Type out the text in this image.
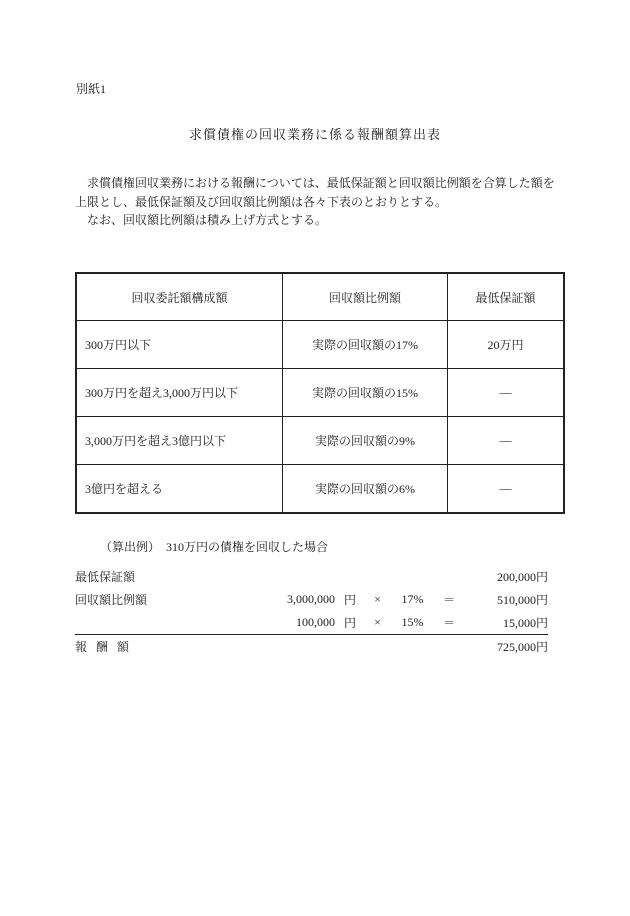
別紙1
求償債権の回収業務に係る報酬額算出表
　求償債権回収業務における報酬については、最低保証額と回収額比例額を合算した額を
上限とし、最低保証額及び回収額比例額は各々下表のとおりとする。
　なお、回収額比例額は積み上げ方式とする。
回収委託額構成額	回収額比例額	最低保証額
300万円以下	実際の回収額の17%	20万円
300万円を超え3,000万円以下	実際の回収額の15%	―
3,000万円を超え3億円以下	実際の回収額の9%	―
3億円を超える	実際の回収額の6%	―
（算出例）　310万円の債権を回収した場合
最低保証額						200,000円
回収額比例額	3,000,000	円	×	17%	＝	510,000円
	100,000	円	×	15%	＝	15,000円
報 酬 額						725,000円
